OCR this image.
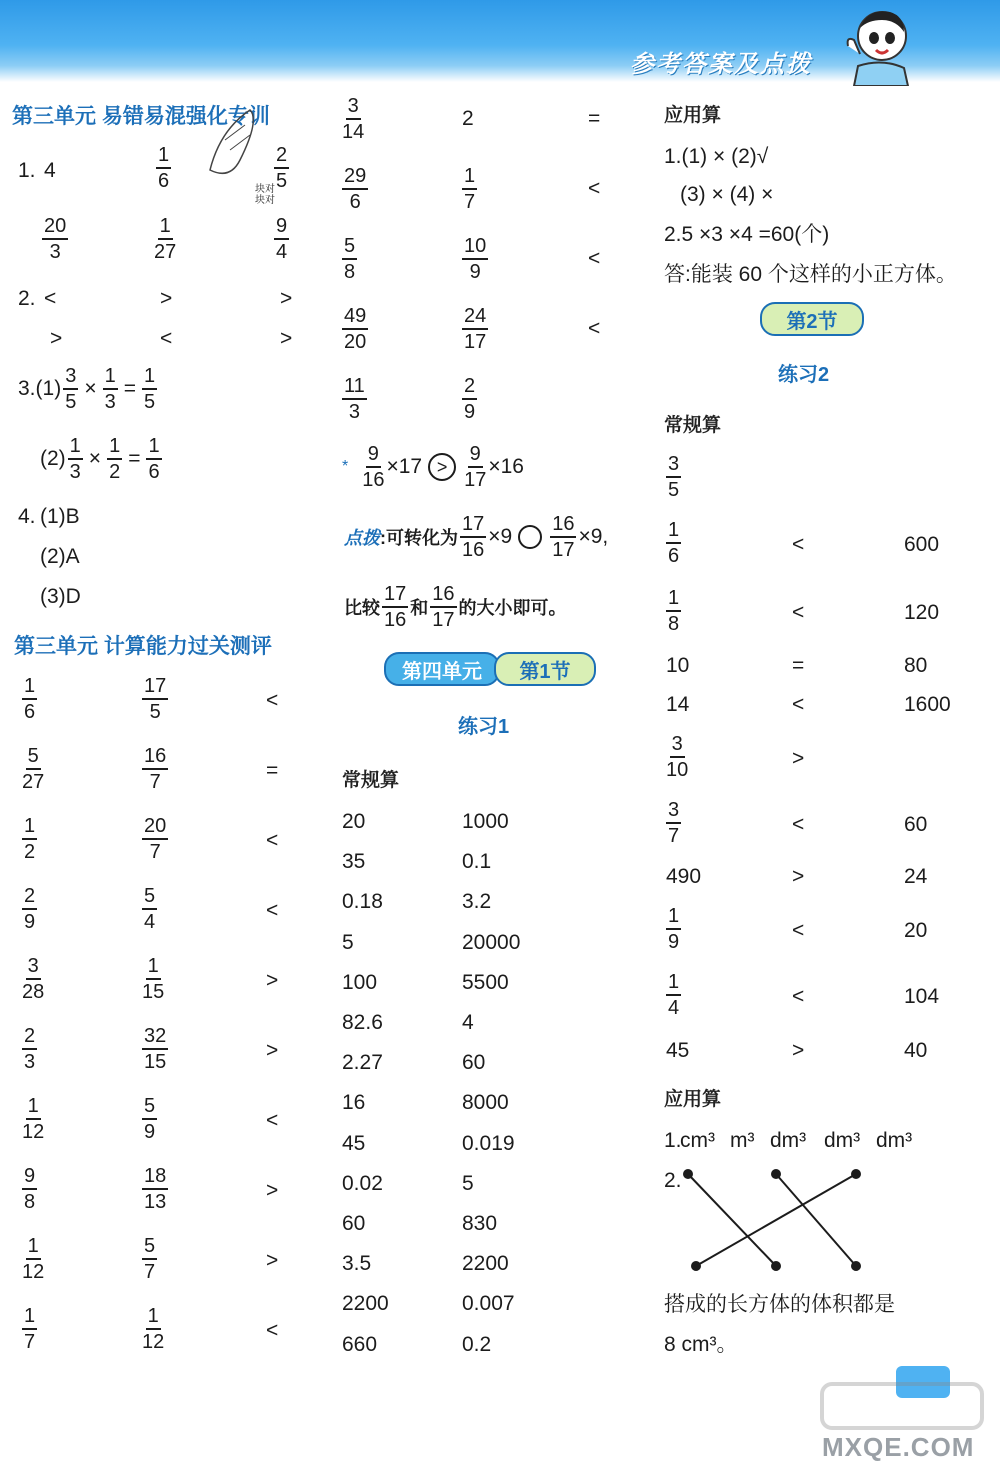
参考答案及点拨
第三单元 易错易混强化专训
1. 4	$\frac{1}{6}$	$\frac{2}{5}$
块对块对
$\frac{20}{3}$	$\frac{1}{27}$	$\frac{9}{4}$
2. <	>	>
>	<	>
3. $(1) \frac{3}{5} \times \frac{1}{3} = \frac{1}{5}$
$(2) \frac{1}{3} \times \frac{1}{2} = \frac{1}{6}$
4. (1)B
(2)A
(3)D
第三单元 计算能力过关测评
$\frac{1}{6}$	$\frac{17}{5}$	<
$\frac{5}{27}$	$\frac{16}{7}$	=
$\frac{1}{2}$	$\frac{20}{7}$	<
$\frac{2}{9}$	$\frac{5}{4}$	<
$\frac{3}{28}$	$\frac{1}{15}$	>
$\frac{2}{3}$	$\frac{32}{15}$	>
$\frac{1}{12}$	$\frac{5}{9}$	<
$\frac{9}{8}$	$\frac{18}{13}$	>
$\frac{1}{12}$	$\frac{5}{7}$	>
$\frac{1}{7}$	$\frac{1}{12}$	<
$\frac{3}{14}$	2	=
$\frac{29}{6}$	$\frac{1}{7}$	<
$\frac{5}{8}$	$\frac{10}{9}$	<
$\frac{49}{20}$	$\frac{24}{17}$	<
$\frac{11}{3}$	$\frac{2}{9}$
* $\frac{9}{16} \times 17 > \frac{9}{17} \times 16$
点拨 :可转化为 $\frac{17}{16} \times 9 \frac{16}{17} \times 9$,
比较
17
16
和
16
17
的大小即可。
第四单元	第1节
练习1
常规算
20	1000
35	0.1
0.18	3.2
5	20000
100	5500
82.6	4
2.27	60
16	8000
45	0.019
0.02	5
60	830
3.5	2200
2200	0.007
660	0.2
应用算
1.(1) × (2)√
(3) × (4) ×
2.5 ×3 ×4 =60(个)
答:能装 60 个这样的小正方体。
第2节
练习2
常规算
$\frac{3}{5}$
$\frac{1}{6}$	<	600
$\frac{1}{8}$	<	120
10	=	80
14	<	1600
$\frac{3}{10}$	>
$\frac{3}{7}$	<	60
490	>	24
$\frac{1}{9}$	<	20
$\frac{1}{4}$	<	104
45	>	40
应用算
1.
cm³ m³ dm³ dm³ dm³
2.
搭成的长方体的体积都是
8 cm³。
MXQE.COM
